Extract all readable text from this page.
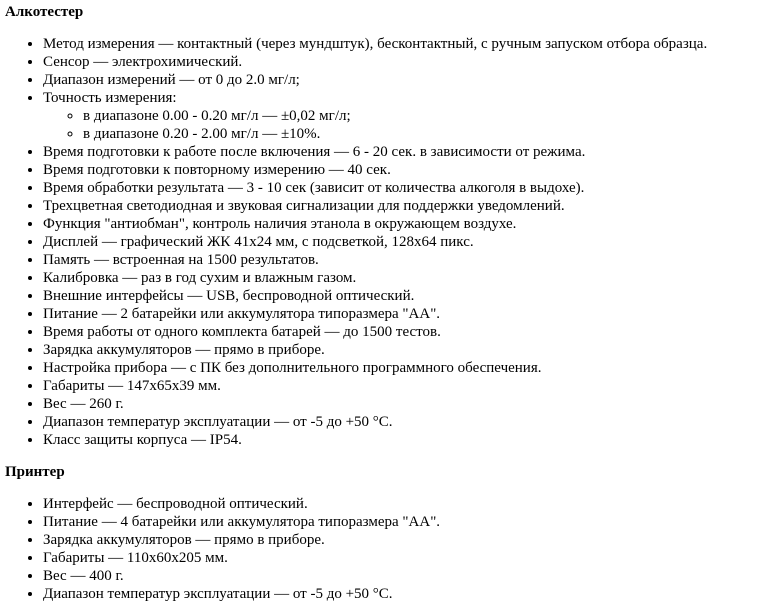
Алкотестер
• Метод измерения — контактный (через мундштук), бесконтактный, с ручным запуском отбора образца.
• Сенсор — электрохимический.
• Диапазон измерений — от 0 до 2.0 мг/л;
• Точность измерения:
◦ в диапазоне 0.00 - 0.20 мг/л — ±0,02 мг/л;
◦ в диапазоне 0.20 - 2.00 мг/л — ±10%.
• Время подготовки к работе после включения — 6 - 20 сек. в зависимости от режима.
• Время подготовки к повторному измерению — 40 сек.
• Время обработки результата — 3 - 10 сек (зависит от количества алкоголя в выдохе).
• Трехцветная светодиодная и звуковая сигнализации для поддержки уведомлений.
• Функция "антиобман", контроль наличия этанола в окружающем воздухе.
• Дисплей — графический ЖК 41x24 мм, с подсветкой, 128x64 пикс.
• Память — встроенная на 1500 результатов.
• Калибровка — раз в год сухим и влажным газом.
• Внешние интерфейсы — USB, беспроводной оптический.
• Питание — 2 батарейки или аккумулятора типоразмера "AA".
• Время работы от одного комплекта батарей — до 1500 тестов.
• Зарядка аккумуляторов — прямо в приборе.
• Настройка прибора — с ПК без дополнительного программного обеспечения.
• Габариты — 147x65x39 мм.
• Вес — 260 г.
• Диапазон температур эксплуатации — от -5 до +50 °C.
• Класс защиты корпуса — IP54.
Принтер
• Интерфейс — беспроводной оптический.
• Питание — 4 батарейки или аккумулятора типоразмера "AA".
• Зарядка аккумуляторов — прямо в приборе.
• Габариты — 110x60x205 мм.
• Вес — 400 г.
• Диапазон температур эксплуатации — от -5 до +50 °C.
